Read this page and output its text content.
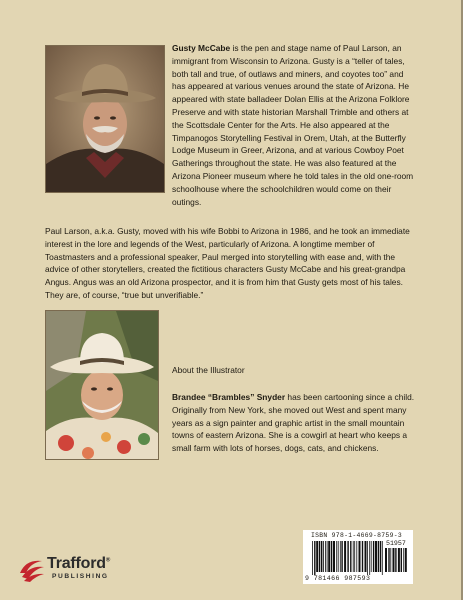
Gusty McCabe is the pen and stage name of Paul Larson, an immigrant from Wisconsin to Arizona. Gusty is a “teller of tales, both tall and true, of outlaws and miners, and coyotes too” and has appeared at various venues around the state of Arizona. He appeared with state balladeer Dolan Ellis at the Arizona Folklore Preserve and with state historian Marshall Trimble and others at the Scottsdale Center for the Arts. He also appeared at the Timpanogos Storytelling Festival in Orem, Utah, at the Butterfly Lodge Museum in Greer, Arizona, and at various Cowboy Poet Gatherings throughout the state. He was also featured at the Arizona Pioneer museum where he told tales in the old one-room schoolhouse where the schoolchildren would come on their outings.

Paul Larson, a.k.a. Gusty, moved with his wife Bobbi to Arizona in 1986, and he took an immediate interest in the lore and legends of the West, particularly of Arizona. A longtime member of Toastmasters and a professional speaker, Paul merged into storytelling with ease and, with the advice of other storytellers, created the fictitious characters Gusty McCabe and his great-grandpa Angus. Angus was an old Arizona prospector, and it is from him that Gusty gets most of his tales. They are, of course, “true but unverifiable.”

About the Illustrator

Brandee “Brambles” Snyder has been cartooning since a child. Originally from New York, she moved out West and spent many years as a sign painter and graphic artist in the small mountain towns of eastern Arizona. She is a cowgirl at heart who keeps a small farm with lots of horses, dogs, cats, and chickens.

ISBN 978-1-4669-8759-3
51957
9 781466 987593
Trafford®
PUBLISHING
